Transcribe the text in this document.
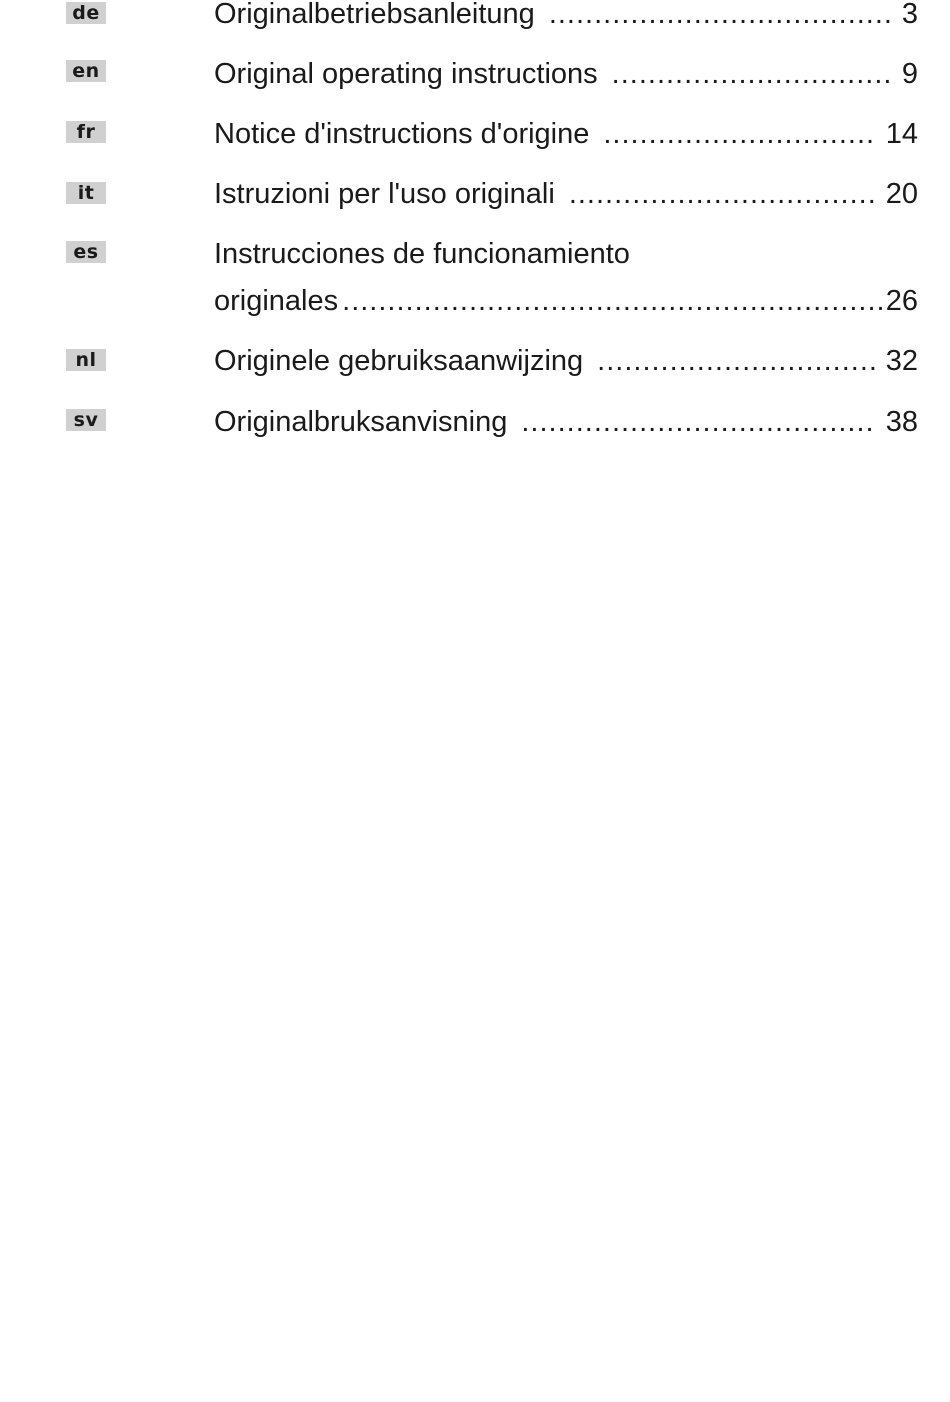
de	Originalbetriebsanleitung .....	3
en	Original operating instructions .....	9
fr	Notice d'instructions d'origine .....	14
it	Istruzioni per l'uso originali .....	20
es	Instrucciones de funcionamiento
originales .....	26
nl	Originele gebruiksaanwijzing .....	32
sv	Originalbruksanvisning .....	38
